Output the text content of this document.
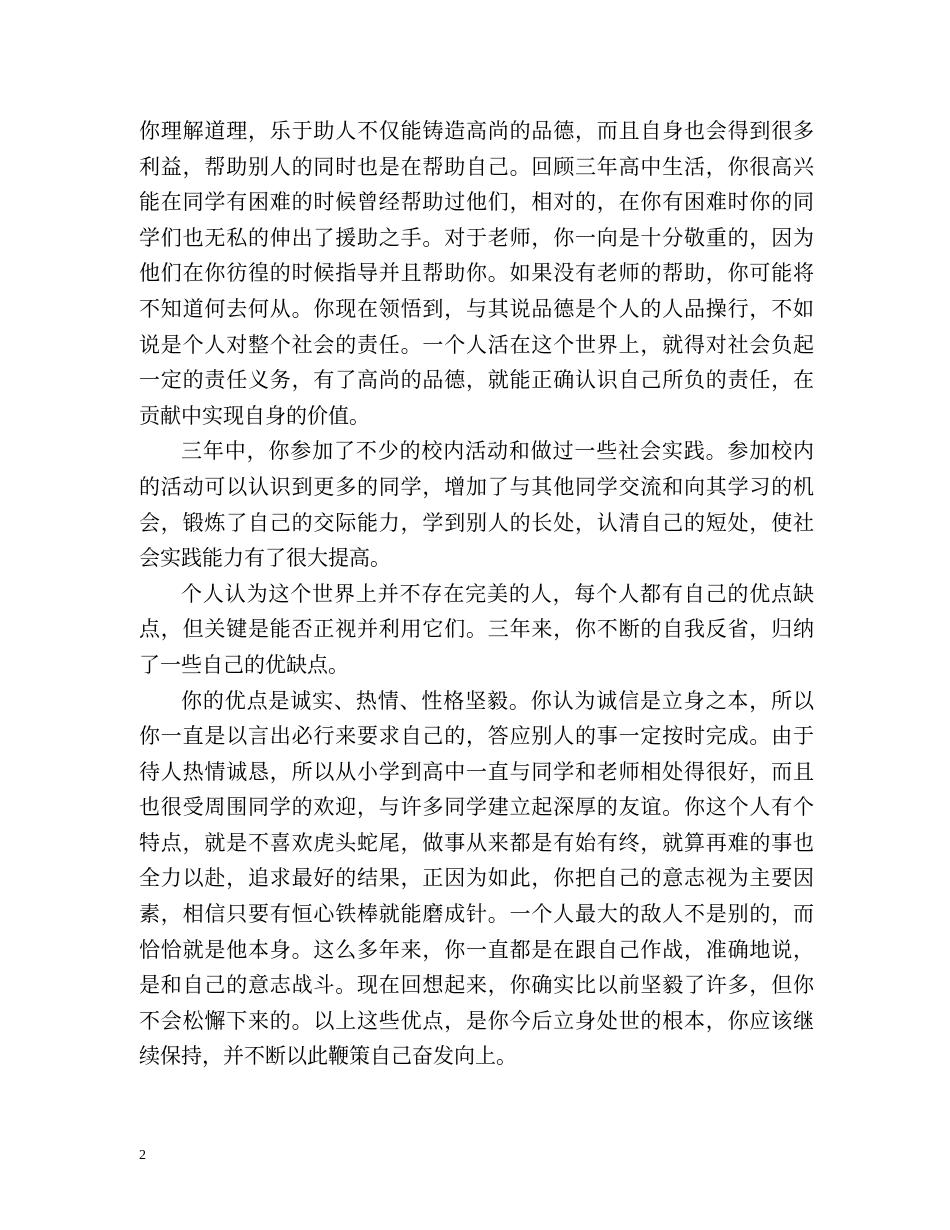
你理解道理，乐于助人不仅能铸造高尚的品德，而且自身也会得到很多
利益，帮助别人的同时也是在帮助自己。回顾三年高中生活，你很高兴
能在同学有困难的时候曾经帮助过他们，相对的，在你有困难时你的同
学们也无私的伸出了援助之手。对于老师，你一向是十分敬重的，因为
他们在你彷徨的时候指导并且帮助你。如果没有老师的帮助，你可能将
不知道何去何从。你现在领悟到，与其说品德是个人的人品操行，不如
说是个人对整个社会的责任。一个人活在这个世界上，就得对社会负起
一定的责任义务，有了高尚的品德，就能正确认识自己所负的责任，在
贡献中实现自身的价值。
三年中，你参加了不少的校内活动和做过一些社会实践。参加校内
的活动可以认识到更多的同学，增加了与其他同学交流和向其学习的机
会，锻炼了自己的交际能力，学到别人的长处，认清自己的短处，使社
会实践能力有了很大提高。
个人认为这个世界上并不存在完美的人，每个人都有自己的优点缺
点，但关键是能否正视并利用它们。三年来，你不断的自我反省，归纳
了一些自己的优缺点。
你的优点是诚实、热情、性格坚毅。你认为诚信是立身之本，所以
你一直是以言出必行来要求自己的，答应别人的事一定按时完成。由于
待人热情诚恳，所以从小学到高中一直与同学和老师相处得很好，而且
也很受周围同学的欢迎，与许多同学建立起深厚的友谊。你这个人有个
特点，就是不喜欢虎头蛇尾，做事从来都是有始有终，就算再难的事也
全力以赴，追求最好的结果，正因为如此，你把自己的意志视为主要因
素，相信只要有恒心铁棒就能磨成针。一个人最大的敌人不是别的，而
恰恰就是他本身。这么多年来，你一直都是在跟自己作战，准确地说，
是和自己的意志战斗。现在回想起来，你确实比以前坚毅了许多，但你
不会松懈下来的。以上这些优点，是你今后立身处世的根本，你应该继
续保持，并不断以此鞭策自己奋发向上。
2
